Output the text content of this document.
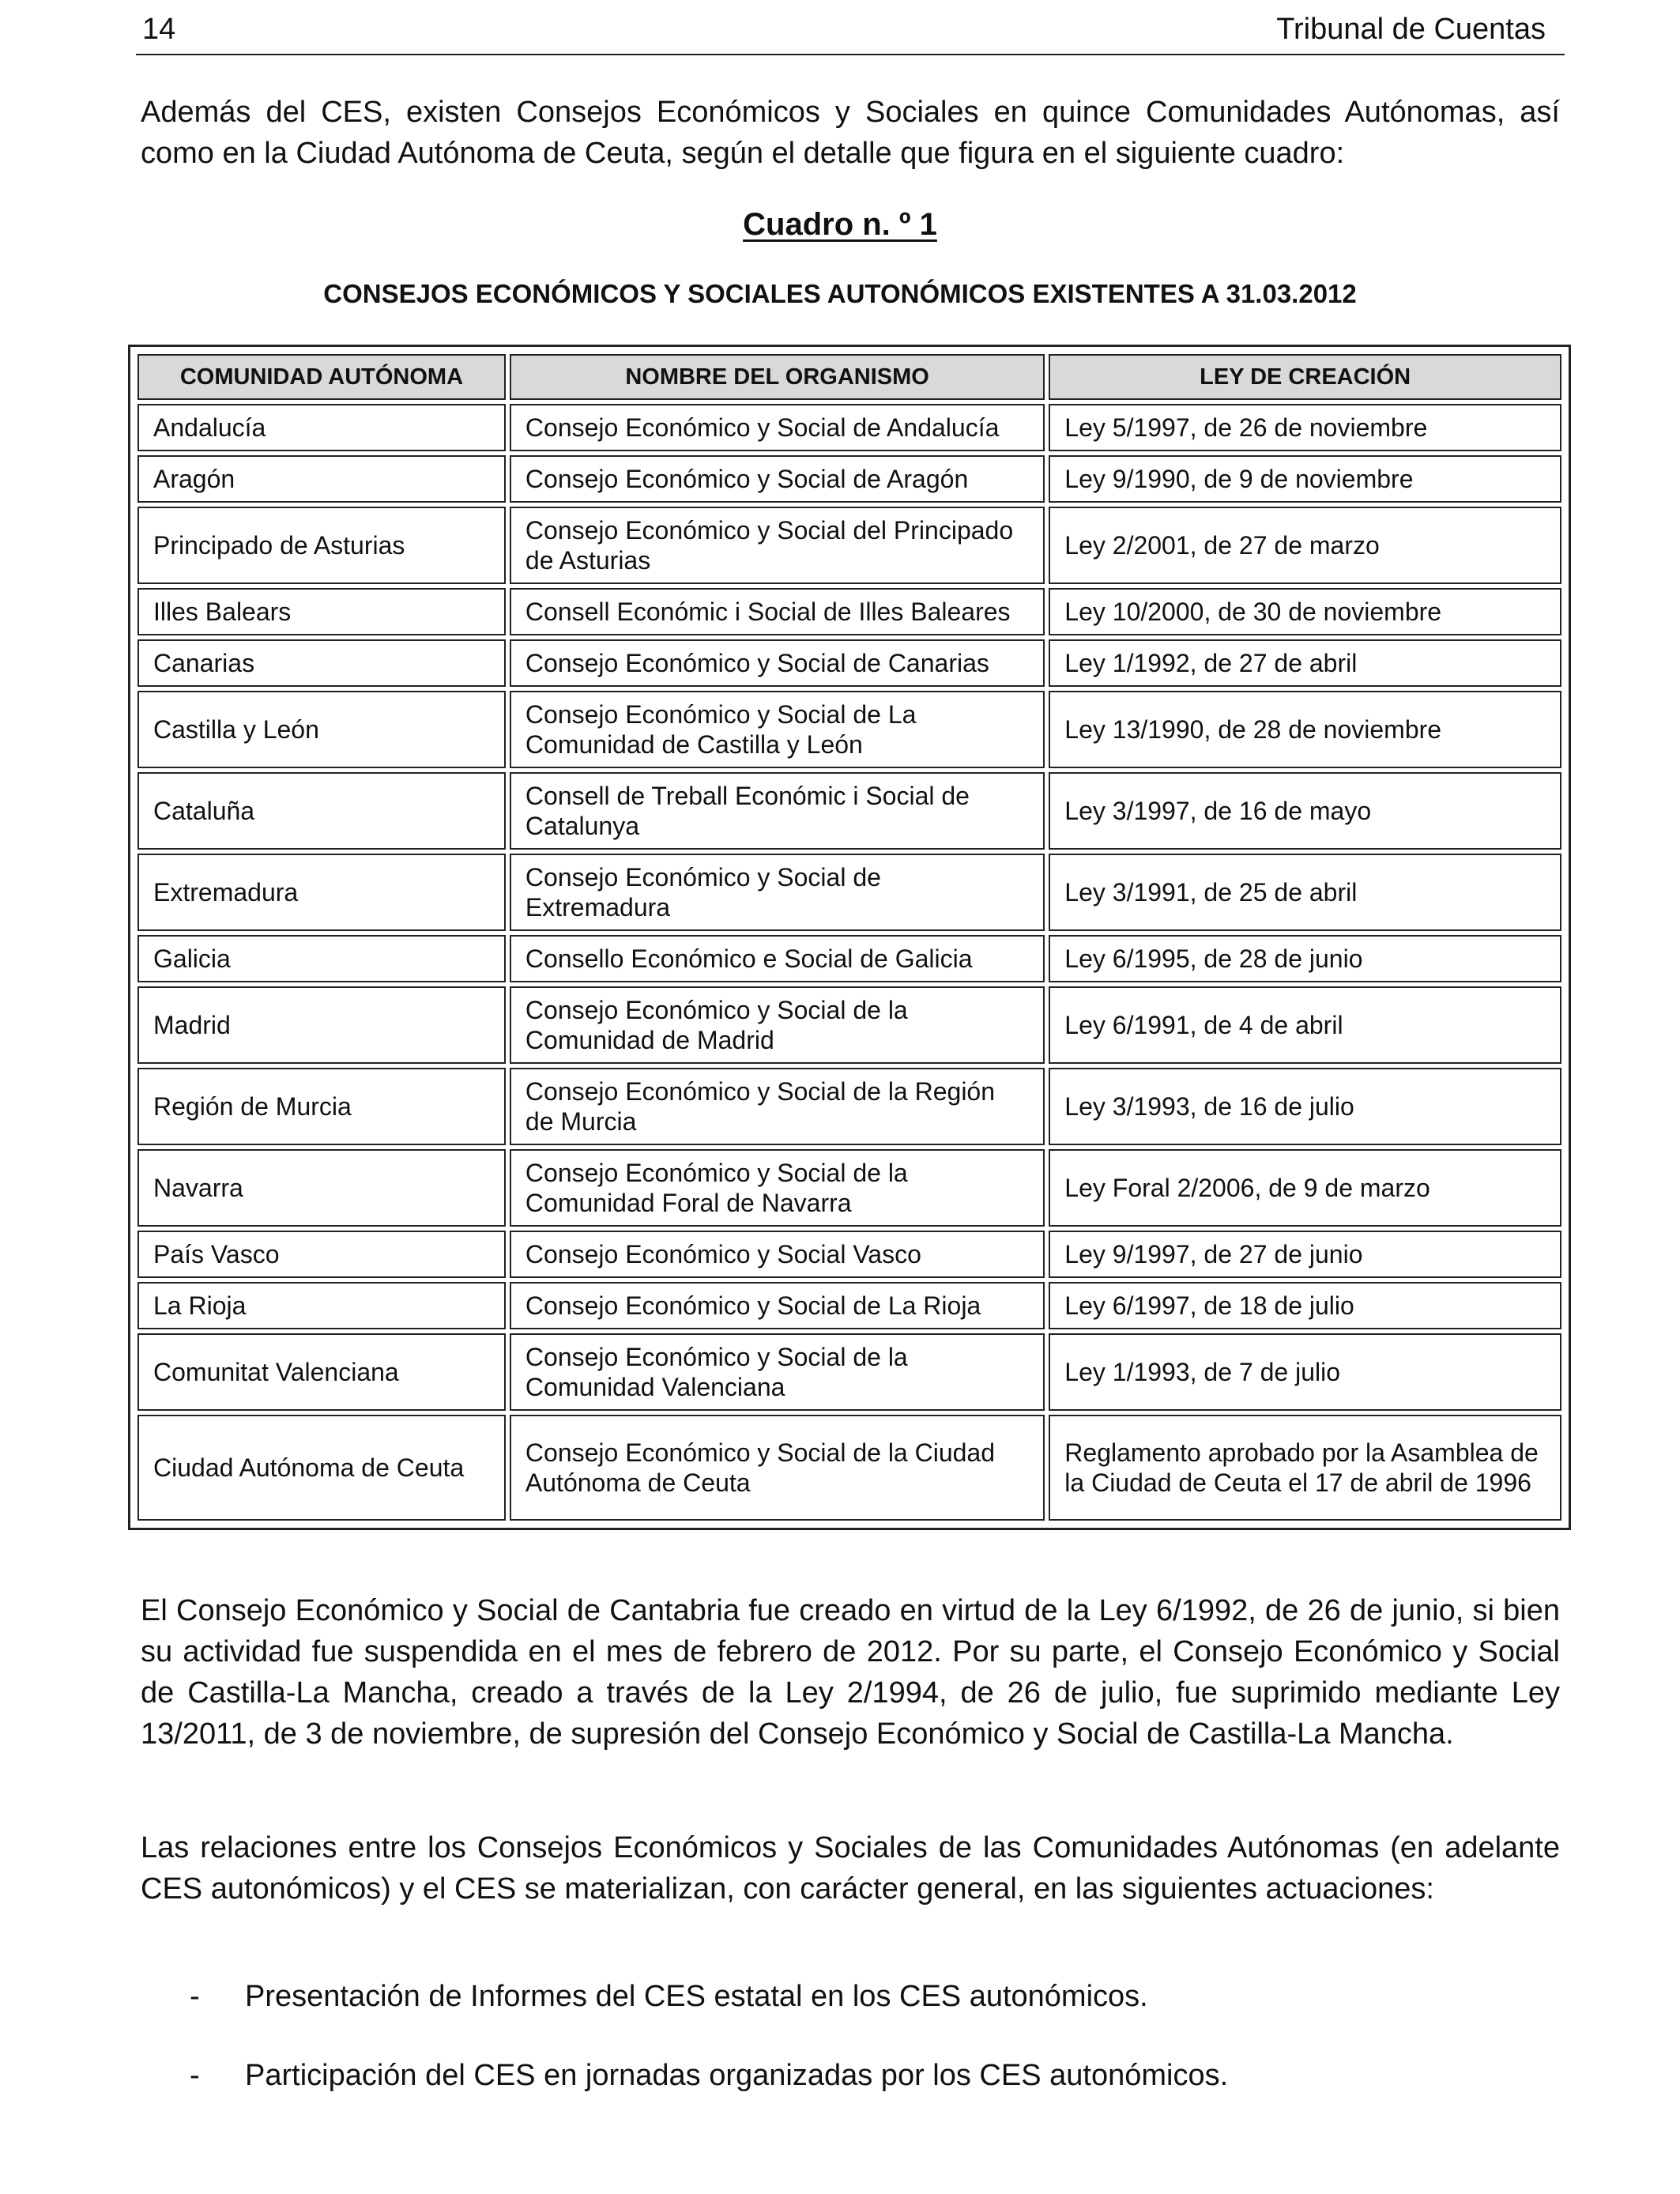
14	Tribunal de Cuentas

Además del CES, existen Consejos Económicos y Sociales en quince Comunidades Autónomas, así como en la Ciudad Autónoma de Ceuta, según el detalle que figura en el siguiente cuadro:

Cuadro n. º 1
CONSEJOS ECONÓMICOS Y SOCIALES AUTONÓMICOS EXISTENTES A 31.03.2012
COMUNIDAD AUTÓNOMA	NOMBRE DEL ORGANISMO	LEY DE CREACIÓN
Andalucía	Consejo Económico y Social de Andalucía	Ley 5/1997, de 26 de noviembre
Aragón	Consejo Económico y Social de Aragón	Ley 9/1990, de 9 de noviembre
Principado de Asturias	Consejo Económico y Social del Principado de Asturias	Ley 2/2001, de 27 de marzo
Illes Balears	Consell Económic i Social de Illes Baleares	Ley 10/2000, de 30 de noviembre
Canarias	Consejo Económico y Social de Canarias	Ley 1/1992, de 27 de abril
Castilla y León	Consejo Económico y Social de La Comunidad de Castilla y León	Ley 13/1990, de 28 de noviembre
Cataluña	Consell de Treball Económic i Social de Catalunya	Ley 3/1997, de 16 de mayo
Extremadura	Consejo Económico y Social de Extremadura	Ley 3/1991, de 25 de abril
Galicia	Consello Económico e Social de Galicia	Ley 6/1995, de 28 de junio
Madrid	Consejo Económico y Social de la Comunidad de Madrid	Ley 6/1991, de 4 de abril
Región de Murcia	Consejo Económico y Social de la Región de Murcia	Ley 3/1993, de 16 de julio
Navarra	Consejo Económico y Social de la Comunidad Foral de Navarra	Ley Foral 2/2006, de 9 de marzo
País Vasco	Consejo Económico y Social Vasco	Ley 9/1997, de 27 de junio
La Rioja	Consejo Económico y Social de La Rioja	Ley 6/1997, de 18 de julio
Comunitat Valenciana	Consejo Económico y Social de la Comunidad Valenciana	Ley 1/1993, de 7 de julio
Ciudad Autónoma de Ceuta	Consejo Económico y Social de la Ciudad Autónoma de Ceuta	Reglamento aprobado por la Asamblea de la Ciudad de Ceuta el 17 de abril de 1996

El Consejo Económico y Social de Cantabria fue creado en virtud de la Ley 6/1992, de 26 de junio, si bien su actividad fue suspendida en el mes de febrero de 2012. Por su parte, el Consejo Económico y Social de Castilla-La Mancha, creado a través de la Ley 2/1994, de 26 de julio, fue suprimido mediante Ley 13/2011, de 3 de noviembre, de supresión del Consejo Económico y Social de Castilla-La Mancha.

Las relaciones entre los Consejos Económicos y Sociales de las Comunidades Autónomas (en adelante CES autonómicos) y el CES se materializan, con carácter general, en las siguientes actuaciones:

- Presentación de Informes del CES estatal en los CES autonómicos.
- Participación del CES en jornadas organizadas por los CES autonómicos.
